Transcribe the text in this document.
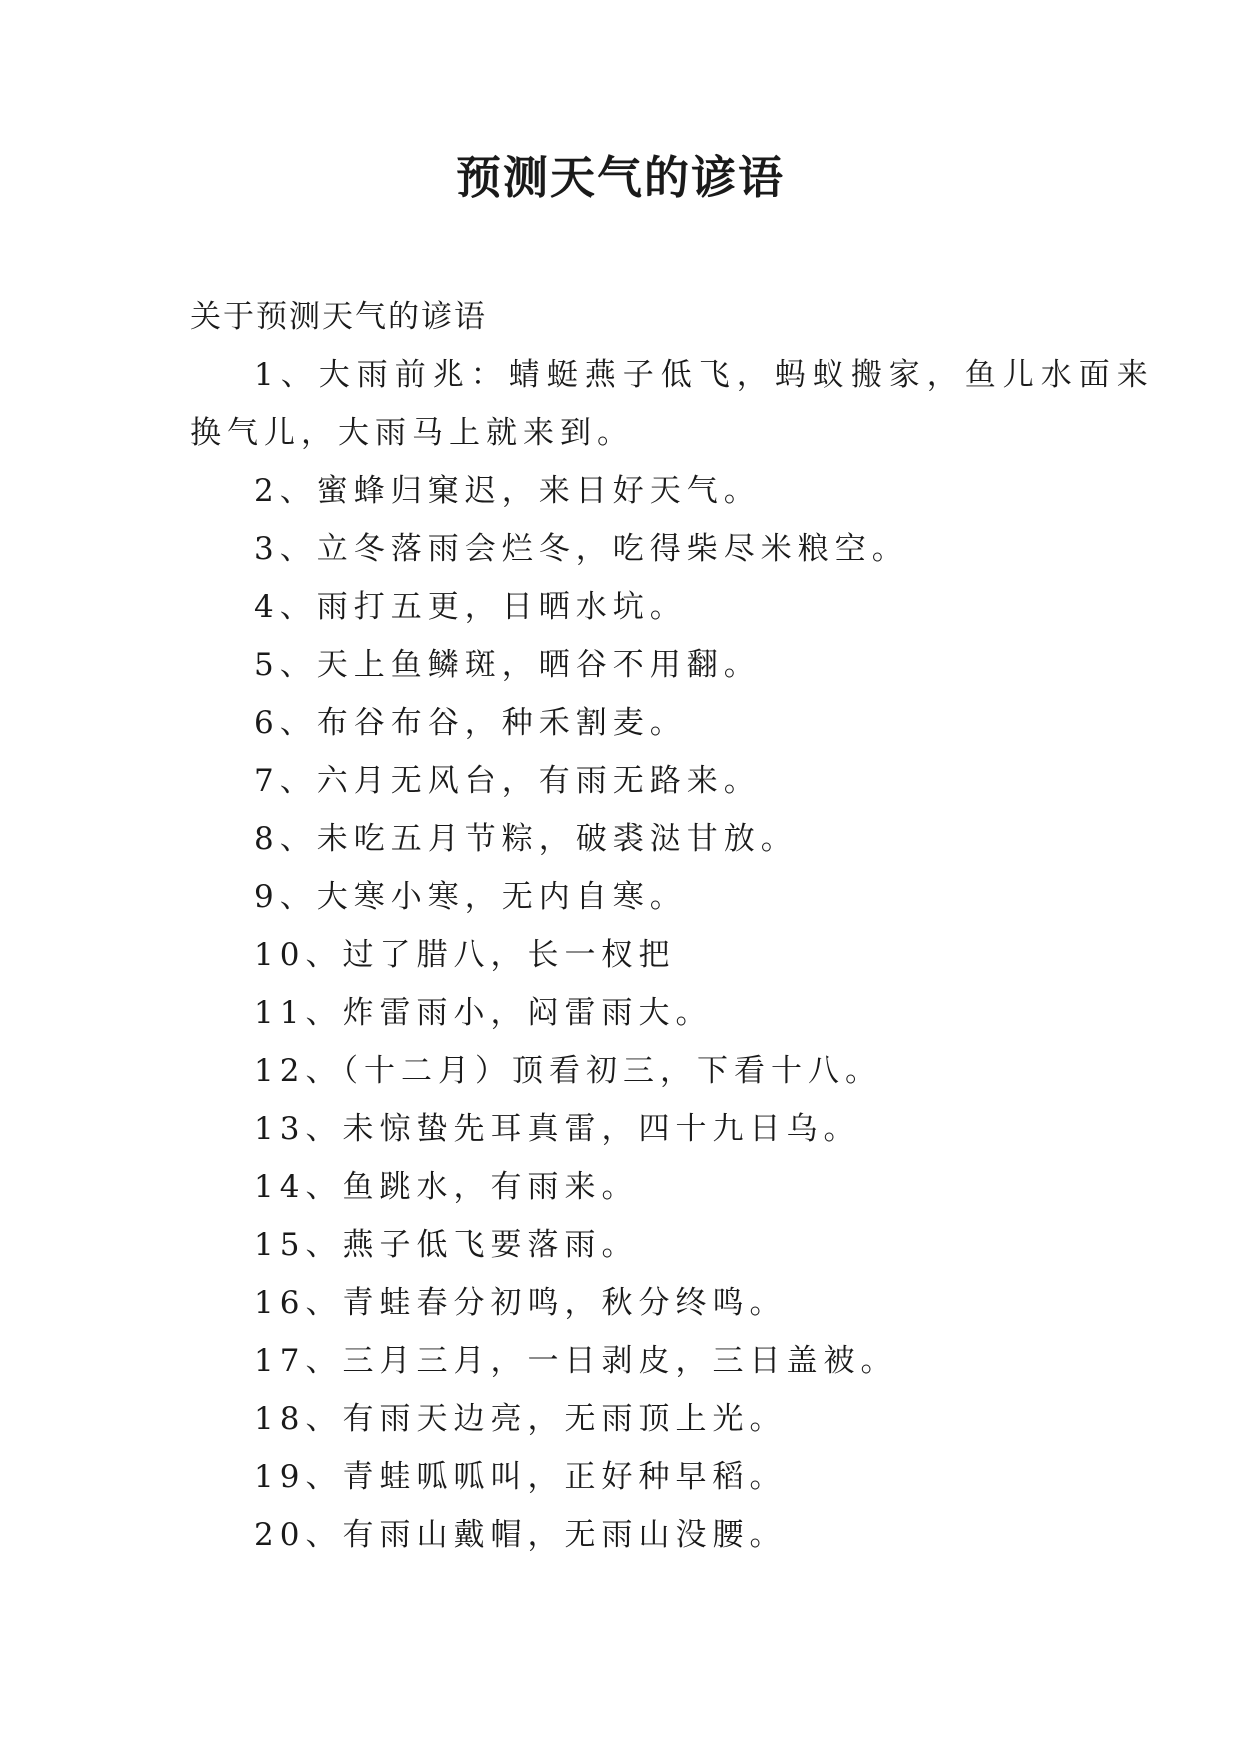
预测天气的谚语

关于预测天气的谚语

1、大雨前兆：蜻蜓燕子低飞，蚂蚁搬家，鱼儿水面来

换气儿，大雨马上就来到。

2、蜜蜂归窠迟，来日好天气。

3、立冬落雨会烂冬，吃得柴尽米粮空。

4、雨打五更，日晒水坑。

5、天上鱼鳞斑，晒谷不用翻。

6、布谷布谷，种禾割麦。

7、六月无风台，有雨无路来。

8、未吃五月节粽，破裘㳠甘放。

9、大寒小寒，无内自寒。

10、过了腊八，长一杈把

11、炸雷雨小，闷雷雨大。

12、（十二月）顶看初三，下看十八。

13、未惊蛰先耳真雷，四十九日乌。

14、鱼跳水，有雨来。

15、燕子低飞要落雨。

16、青蛙春分初鸣，秋分终鸣。

17、三月三月，一日剥皮，三日盖被。

18、有雨天边亮，无雨顶上光。

19、青蛙呱呱叫，正好种早稻。

20、有雨山戴帽，无雨山没腰。
